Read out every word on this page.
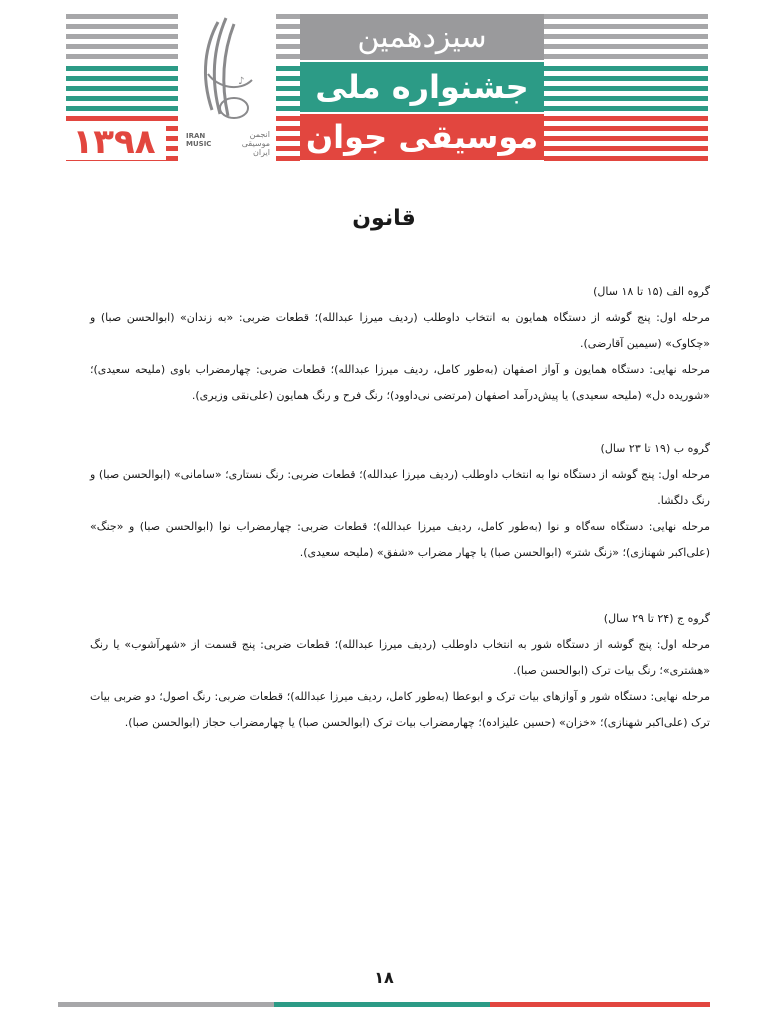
سیزدهمین
جشنواره ملی
موسیقی جوان
۱۳۹۸
♪
IRAN
MUSIC
انجمن
موسیقی
ایران
قانون

گروه الف (۱۵ تا ۱۸ سال)

مرحله اول: پنج گوشه از دستگاه همایون به انتخاب داوطلب (ردیف میرزا عبدالله)؛ قطعات ضربی: «به زندان» (ابوالحسن صبا) و «چکاوک» (سیمین آقارضی).

مرحله نهایی: دستگاه همایون و آواز اصفهان (به‌طور کامل، ردیف میرزا عبدالله)؛ قطعات ضربی: چهارمضراب باوی (ملیحه سعیدی)؛ «شوریده دل» (ملیحه سعیدی) یا پیش‌درآمد اصفهان (مرتضی نی‌داوود)؛ رنگ فرح و رنگ همایون (علی‌نقی وزیری).

گروه ب (۱۹ تا ۲۳ سال)

مرحله اول: پنج گوشه از دستگاه نوا به انتخاب داوطلب (ردیف میرزا عبدالله)؛ قطعات ضربی: رنگ نستاری؛ «سامانی» (ابوالحسن صبا) و رنگ دلگشا.

مرحله نهایی: دستگاه سه‌گاه و نوا (به‌طور کامل، ردیف میرزا عبدالله)؛ قطعات ضربی: چهارمضراب نوا (ابوالحسن صبا) و «جنگ» (علی‌اکبر شهنازی)؛ «زنگ شتر» (ابوالحسن صبا) یا چهار مضراب «شفق» (ملیحه سعیدی).

گروه ج (۲۴ تا ۲۹ سال)

مرحله اول: پنج گوشه از دستگاه شور به انتخاب داوطلب (ردیف میرزا عبدالله)؛ قطعات ضربی: پنج قسمت از «شهرآشوب» یا رنگ «هشتری»؛ رنگ بیات ترک (ابوالحسن صبا).

مرحله نهایی: دستگاه شور و آوازهای بیات ترک و ابوعطا (به‌طور کامل، ردیف میرزا عبدالله)؛ قطعات ضربی: رنگ اصول؛ دو ضربی بیات ترک (علی‌اکبر شهنازی)؛ «خزان» (حسین علیزاده)؛ چهارمضراب بیات ترک (ابوالحسن صبا) یا چهارمضراب حجاز (ابوالحسن صبا).

۱۸
